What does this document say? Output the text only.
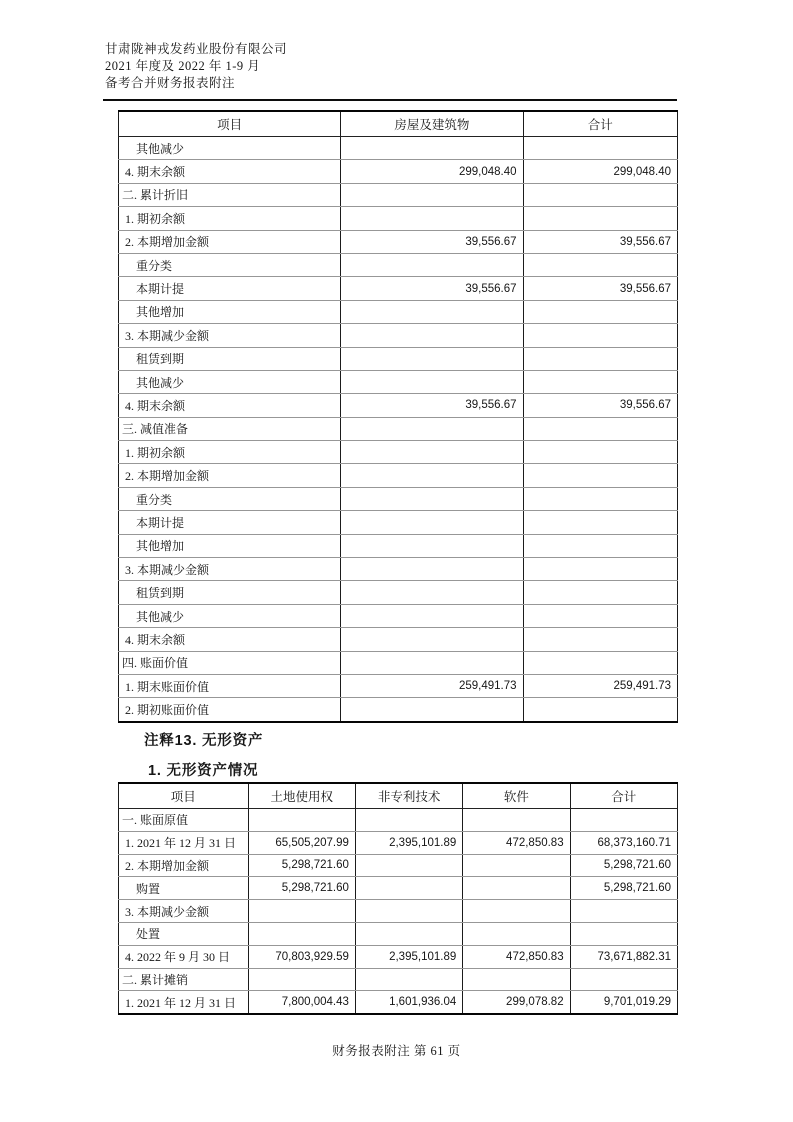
甘肃陇神戎发药业股份有限公司
2021 年度及 2022 年 1-9 月
备考合并财务报表附注
项目	房屋及建筑物	合计
其他减少		
4. 期末余额	299,048.40	299,048.40
二. 累计折旧		
1. 期初余额		
2. 本期增加金额	39,556.67	39,556.67
重分类		
本期计提	39,556.67	39,556.67
其他增加		
3. 本期减少金额		
租赁到期		
其他减少		
4. 期末余额	39,556.67	39,556.67
三. 减值准备		
1. 期初余额		
2. 本期增加金额		
重分类		
本期计提		
其他增加		
3. 本期减少金额		
租赁到期		
其他减少		
4. 期末余额		
四. 账面价值		
1. 期末账面价值	259,491.73	259,491.73
2. 期初账面价值		
注释13. 无形资产
1. 无形资产情况
项目	土地使用权	非专利技术	软件	合计
一. 账面原值				
1. 2021 年 12 月 31 日	65,505,207.99	2,395,101.89	472,850.83	68,373,160.71
2. 本期增加金额	5,298,721.60			5,298,721.60
购置	5,298,721.60			5,298,721.60
3. 本期减少金额				
处置				
4. 2022 年 9 月 30 日	70,803,929.59	2,395,101.89	472,850.83	73,671,882.31
二. 累计摊销				
1. 2021 年 12 月 31 日	7,800,004.43	1,601,936.04	299,078.82	9,701,019.29
财务报表附注 第 61 页
